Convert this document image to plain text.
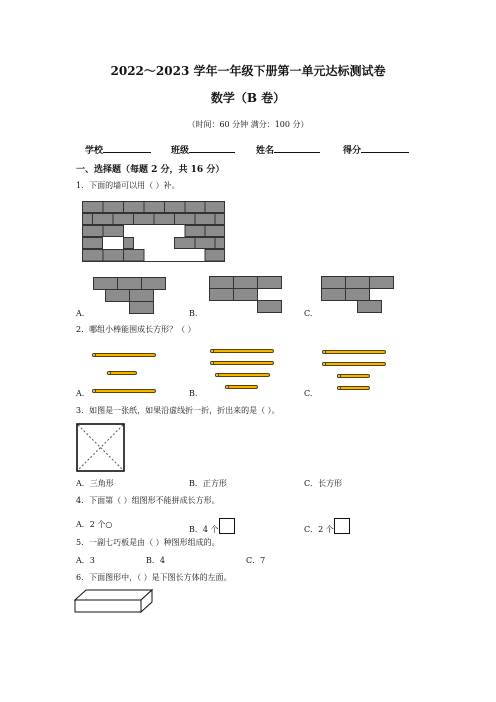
2022～2023 学年一年级下册第一单元达标测试卷
数学（B 卷）
（时间：60 分钟 满分：100 分）
学校	班级	姓名	得分
一、选择题（每题 2 分，共 16 分）
1．下面的墙可以用（ ）补。
A.	B.	C.
2．哪组小棒能围成长方形？（ ）
A.	B.	C.
3．如图是一张纸，如果沿虚线折一折，折出来的是（ ）。
A．三角形	B．正方形	C．长方形
4．下面第（ ）组图形不能拼成长方形。
A．2 个○
B．4 个	C．2 个
5．一副七巧板是由（ ）种图形组成的。
A．3	B．4	C．7
6．下面图形中，（ ）是下图长方体的左面。
